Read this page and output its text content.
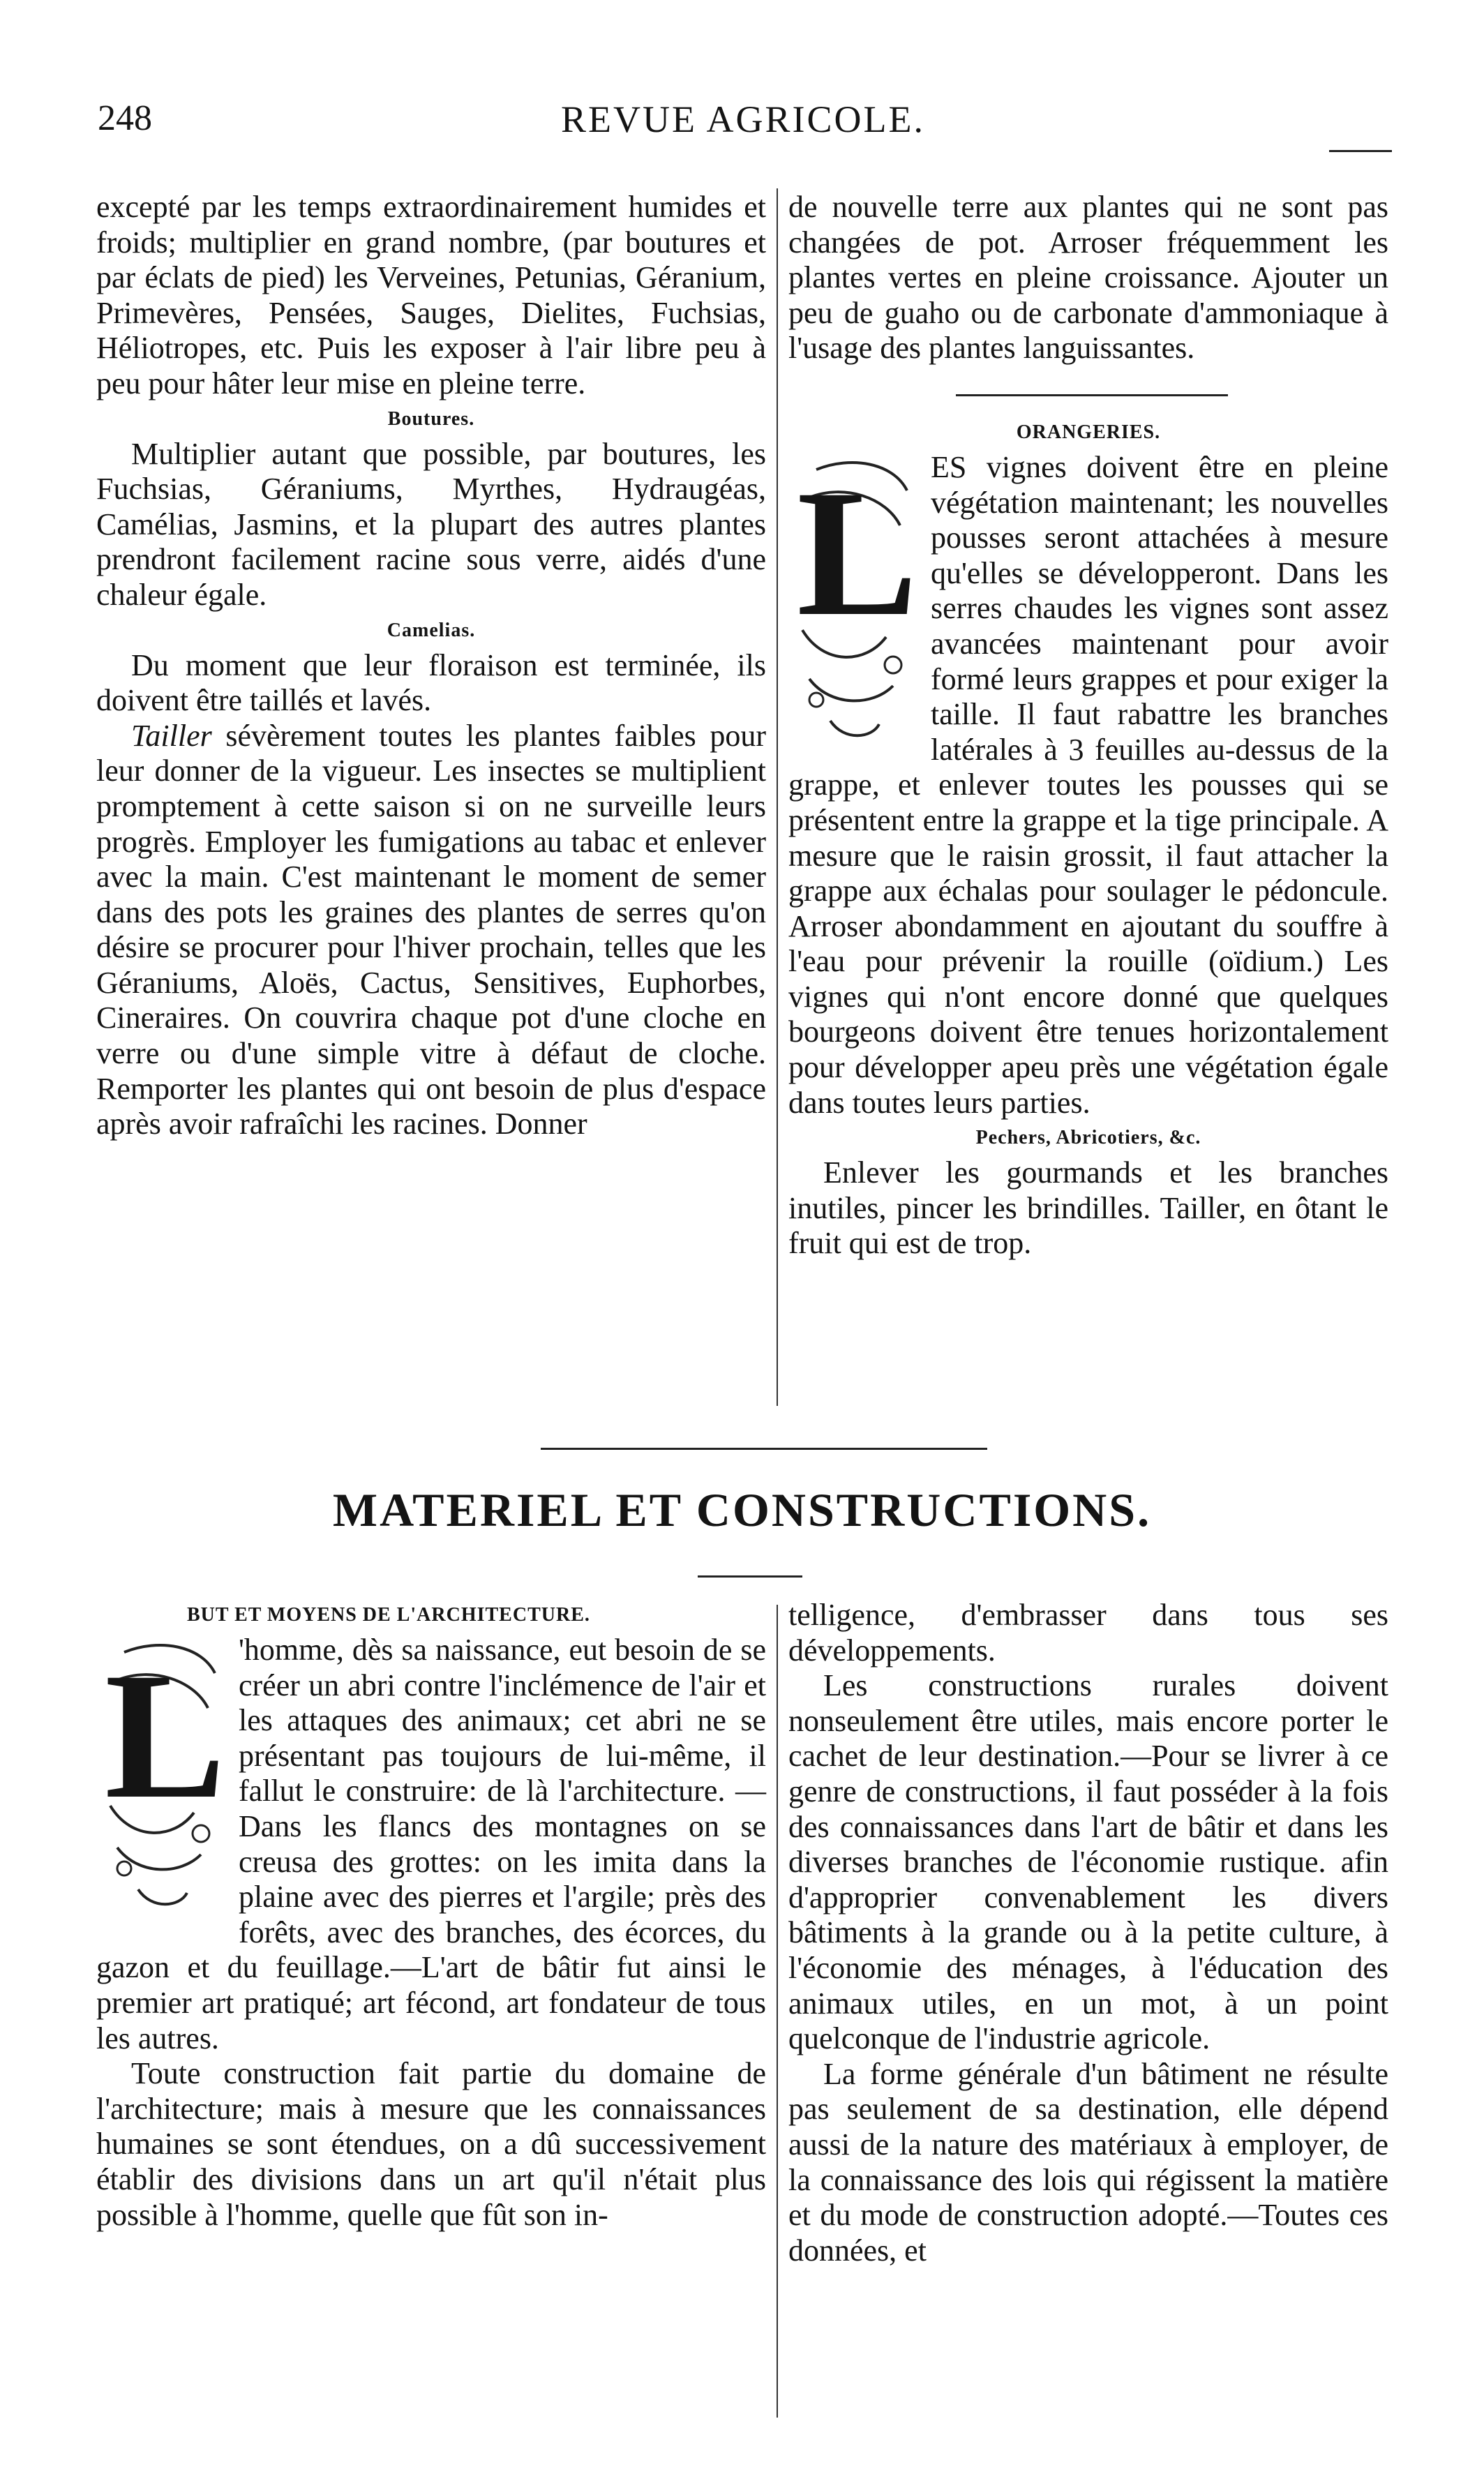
248	REVUE AGRICOLE.

excepté par les temps extraordinairement humides et froids; multiplier en grand nombre, (par boutures et par éclats de pied) les Verveines, Petunias, Géranium, Primevères, Pensées, Sauges, Dielites, Fuchsias, Héliotropes, etc. Puis les exposer à l'air libre peu à peu pour hâter leur mise en pleine terre.

Boutures.

Multiplier autant que possible, par boutures, les Fuchsias, Géraniums, Myrthes, Hydraugéas, Camélias, Jasmins, et la plupart des autres plantes prendront facilement racine sous verre, aidés d'une chaleur égale.

Camelias.

Du moment que leur floraison est terminée, ils doivent être taillés et lavés.

Tailler sévèrement toutes les plantes faibles pour leur donner de la vigueur. Les insectes se multiplient promptement à cette saison si on ne surveille leurs progrès. Employer les fumigations au tabac et enlever avec la main. C'est maintenant le moment de semer dans des pots les graines des plantes de serres qu'on désire se procurer pour l'hiver prochain, telles que les Géraniums, Aloës, Cactus, Sensitives, Euphorbes, Cineraires. On couvrira chaque pot d'une cloche en verre ou d'une simple vitre à défaut de cloche. Remporter les plantes qui ont besoin de plus d'espace après avoir rafraîchi les racines. Donner

de nouvelle terre aux plantes qui ne sont pas changées de pot. Arroser fréquemment les plantes vertes en pleine croissance. Ajouter un peu de guaho ou de carbonate d'ammoniaque à l'usage des plantes languissantes.

ORANGERIES.

L ES vignes doivent être en pleine végétation maintenant; les nouvelles pousses seront attachées à mesure qu'elles se développeront. Dans les serres chaudes les vignes sont assez avancées maintenant pour avoir formé leurs grappes et pour exiger la taille. Il faut rabattre les branches latérales à 3 feuilles au-dessus de la grappe, et enlever toutes les pousses qui se présentent entre la grappe et la tige principale. A mesure que le raisin grossit, il faut attacher la grappe aux échalas pour soulager le pédoncule. Arroser abondamment en ajoutant du souffre à l'eau pour prévenir la rouille (oïdium.) Les vignes qui n'ont encore donné que quelques bourgeons doivent être tenues horizontalement pour développer apeu près une végétation égale dans toutes leurs parties.

Pechers, Abricotiers, &c.

Enlever les gourmands et les branches inutiles, pincer les brindilles. Tailler, en ôtant le fruit qui est de trop.

MATERIEL ET CONSTRUCTIONS.

BUT ET MOYENS DE L'ARCHITECTURE.

L 'homme, dès sa naissance, eut besoin de se créer un abri contre l'inclémence de l'air et les attaques des animaux; cet abri ne se présentant pas toujours de lui-même, il fallut le construire: de là l'architecture. —Dans les flancs des montagnes on se creusa des grottes: on les imita dans la plaine avec des pierres et l'argile; près des forêts, avec des branches, des écorces, du gazon et du feuillage.—L'art de bâtir fut ainsi le premier art pratiqué; art fécond, art fondateur de tous les autres.

Toute construction fait partie du domaine de l'architecture; mais à mesure que les connaissances humaines se sont étendues, on a dû successivement établir des divisions dans un art qu'il n'était plus possible à l'homme, quelle que fût son in-

telligence, d'embrasser dans tous ses développements.

Les constructions rurales doivent nonseulement être utiles, mais encore porter le cachet de leur destination.—Pour se livrer à ce genre de constructions, il faut posséder à la fois des connaissances dans l'art de bâtir et dans les diverses branches de l'économie rustique. afin d'approprier convenablement les divers bâtiments à la grande ou à la petite culture, à l'économie des ménages, à l'éducation des animaux utiles, en un mot, à un point quelconque de l'industrie agricole.

La forme générale d'un bâtiment ne résulte pas seulement de sa destination, elle dépend aussi de la nature des matériaux à employer, de la connaissance des lois qui régissent la matière et du mode de construction adopté.—Toutes ces données, et
